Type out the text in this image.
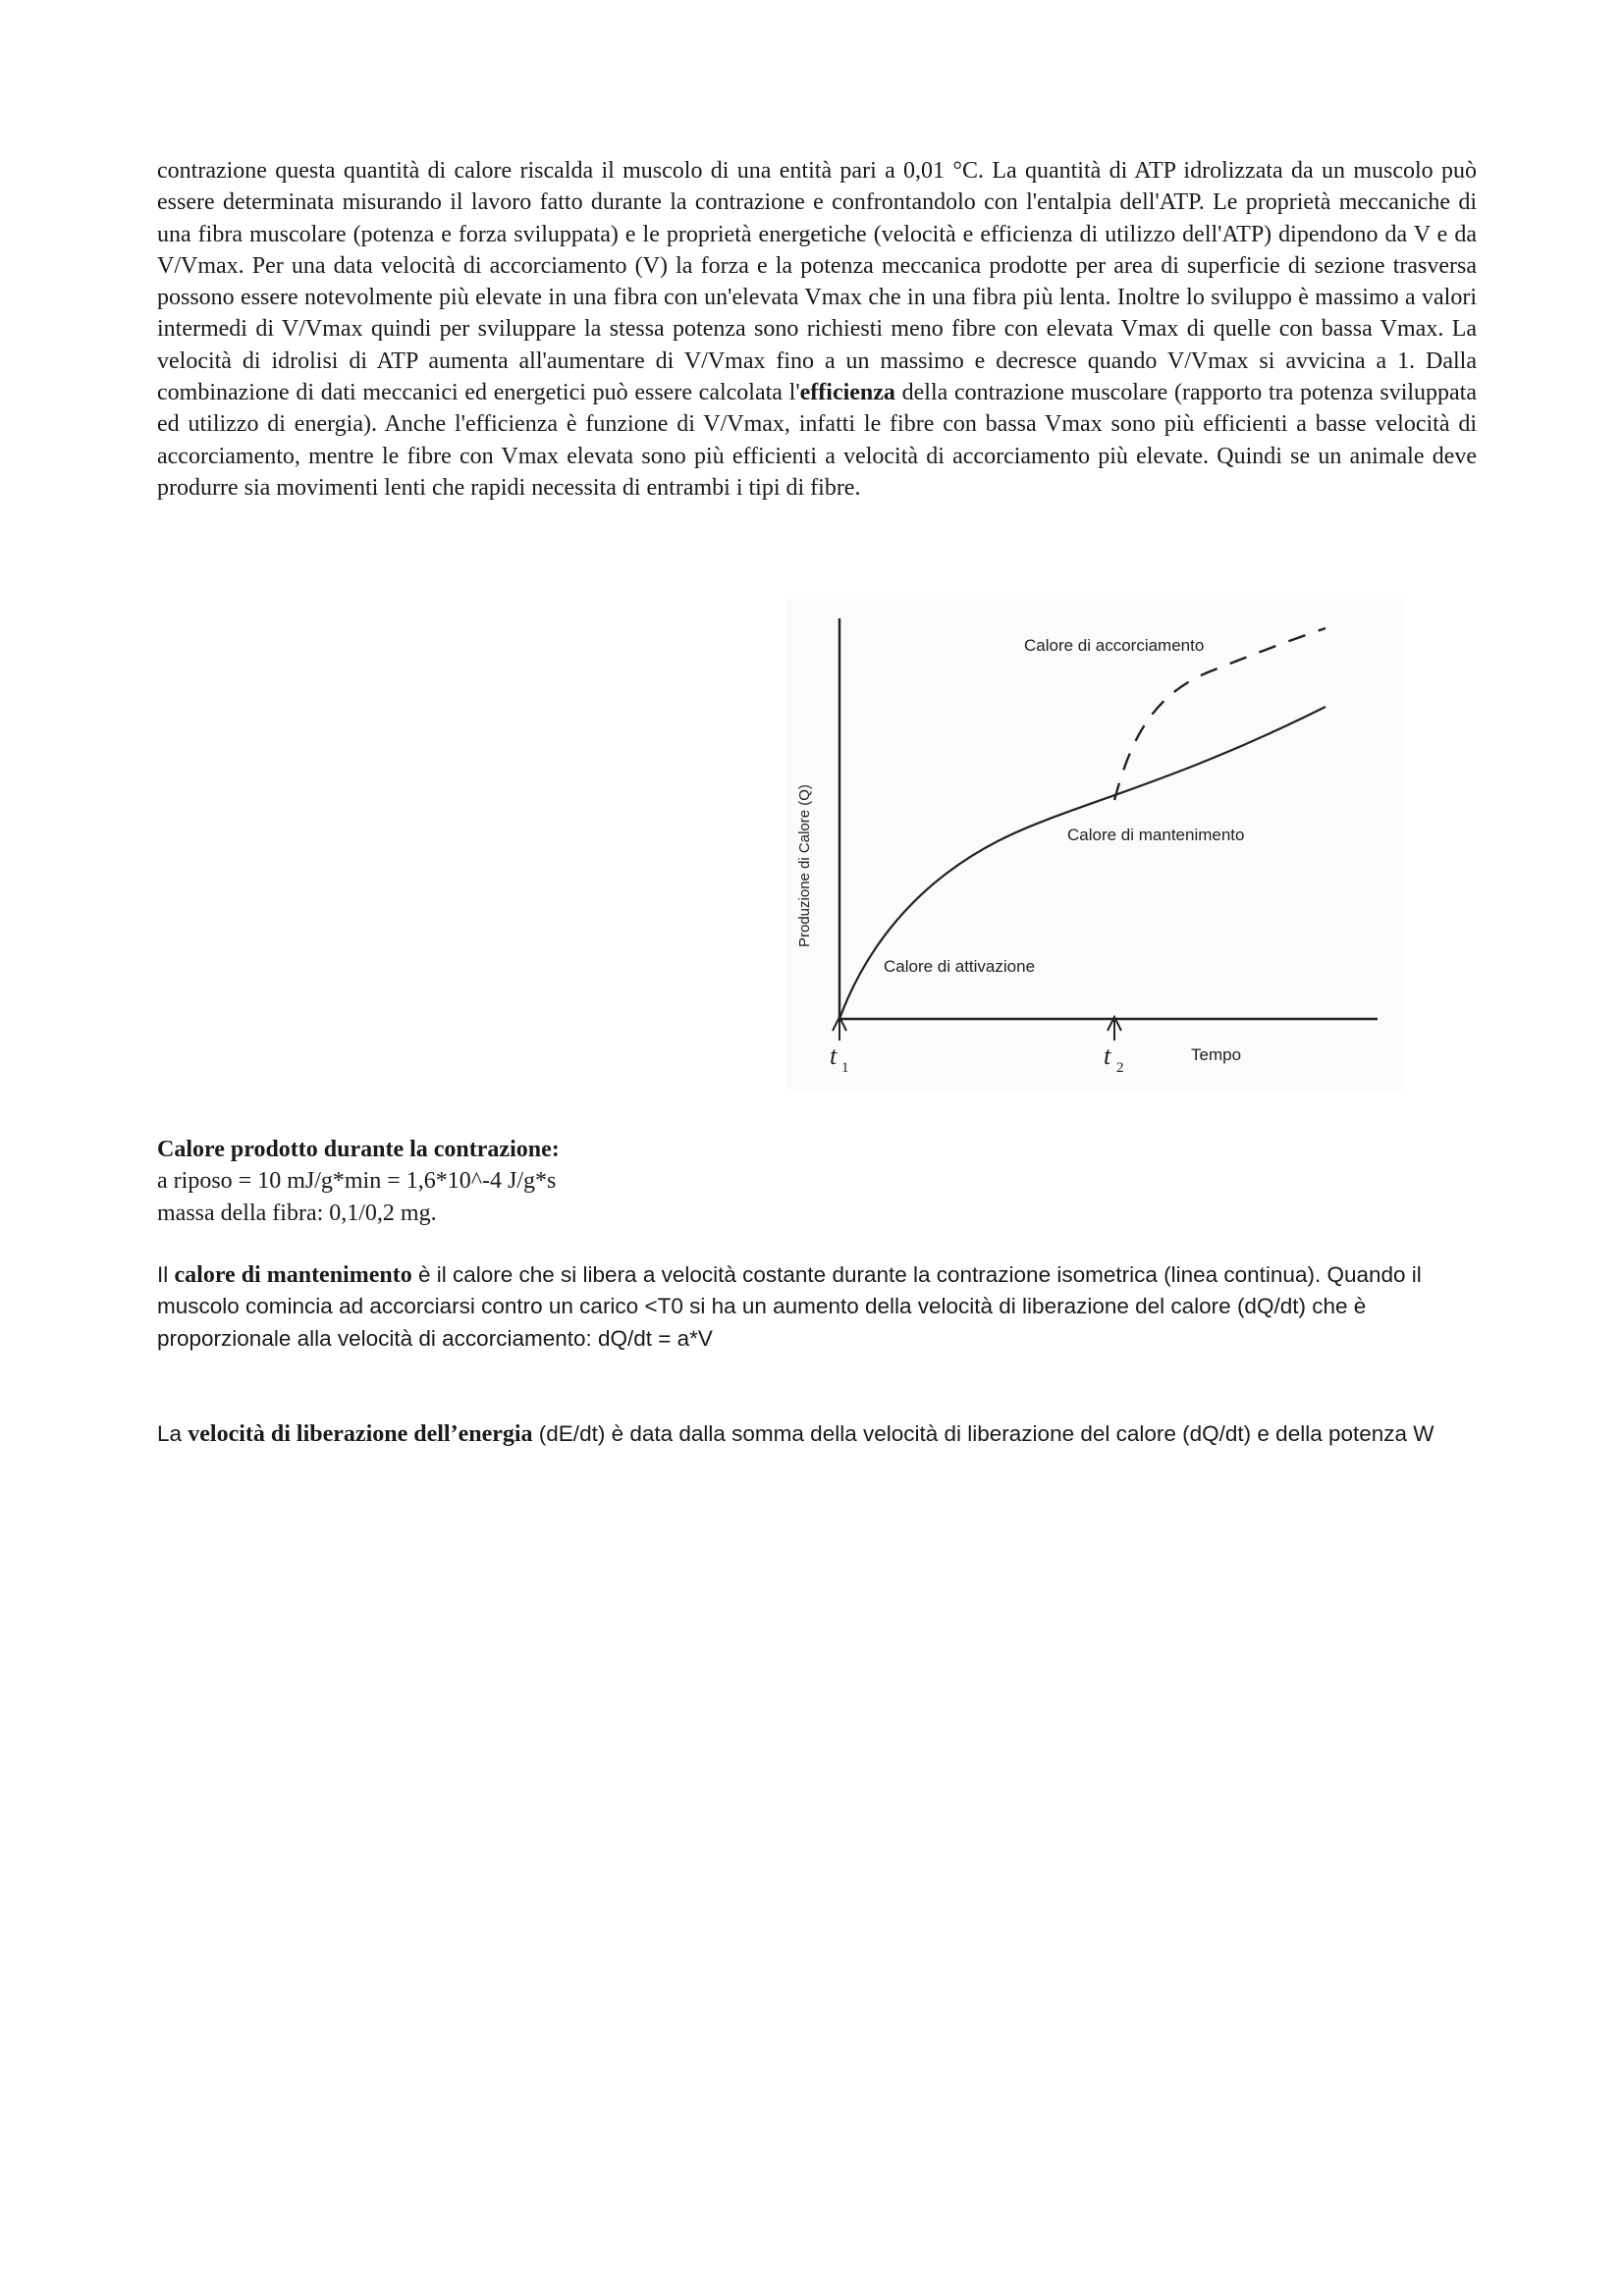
contrazione questa quantità di calore riscalda il muscolo di una entità pari a 0,01 °C. La quantità di ATP idrolizzata da un muscolo può essere determinata misurando il lavoro fatto durante la contrazione e confrontandolo con l'entalpia dell'ATP. Le proprietà meccaniche di una fibra muscolare (potenza e forza sviluppata) e le proprietà energetiche (velocità e efficienza di utilizzo dell'ATP) dipendono da V e da V/Vmax. Per una data velocità di accorciamento (V) la forza e la potenza meccanica prodotte per area di superficie di sezione trasversa possono essere notevolmente più elevate in una fibra con un'elevata Vmax che in una fibra più lenta. Inoltre lo sviluppo è massimo a valori intermedi di V/Vmax quindi per sviluppare la stessa potenza sono richiesti meno fibre con elevata Vmax di quelle con bassa Vmax. La velocità di idrolisi di ATP aumenta all'aumentare di V/Vmax fino a un massimo e decresce quando V/Vmax si avvicina a 1. Dalla combinazione di dati meccanici ed energetici può essere calcolata l'efficienza della contrazione muscolare (rapporto tra potenza sviluppata ed utilizzo di energia). Anche l'efficienza è funzione di V/Vmax, infatti le fibre con bassa Vmax sono più efficienti a basse velocità di accorciamento, mentre le fibre con Vmax elevata sono più efficienti a velocità di accorciamento più elevate. Quindi se un animale deve produrre sia movimenti lenti che rapidi necessita di entrambi i tipi di fibre.
Calore di accorciamento
Calore di mantenimento
Calore di attivazione
Tempo
Produzione di Calore (Q)
t 1	t 2
Calore prodotto durante la contrazione:
a riposo = 10 mJ/g*min = 1,6*10^-4 J/g*s
massa della fibra: 0,1/0,2 mg.
Il calore di mantenimento è il calore che si libera a velocità costante durante la contrazione isometrica (linea continua). Quando il muscolo comincia ad accorciarsi contro un carico <T0 si ha un aumento della velocità di liberazione del calore (dQ/dt) che è proporzionale alla velocità di accorciamento: dQ/dt = a*V
La velocità di liberazione dell’energia (dE/dt) è data dalla somma della velocità di liberazione del calore (dQ/dt) e della potenza W
